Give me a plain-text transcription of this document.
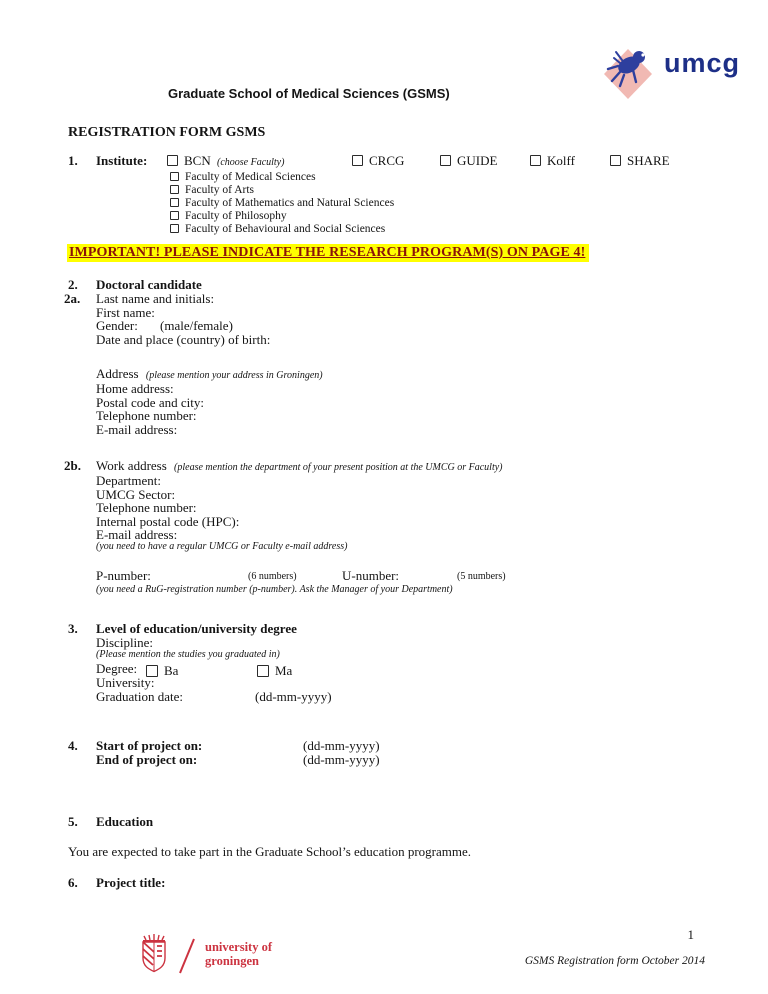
umcg
Graduate School of Medical Sciences (GSMS)
REGISTRATION FORM GSMS
1. Institute:	BCN (choose Faculty)	CRCG	GUIDE	Kolff	SHARE
Faculty of Medical Sciences
Faculty of Arts
Faculty of Mathematics and Natural Sciences
Faculty of Philosophy
Faculty of Behavioural and Social Sciences
IMPORTANT! PLEASE INDICATE THE RESEARCH PROGRAM(S) ON PAGE 4!
2. Doctoral candidate
2a. Last name and initials:
First name:
Gender: (male/female)
Date and place (country) of birth:
Address (please mention your address in Groningen)
Home address:
Postal code and city:
Telephone number:
E-mail address:
2b. Work address (please mention the department of your present position at the UMCG or Faculty)
Department:
UMCG Sector:
Telephone number:
Internal postal code (HPC):
E-mail address:
(you need to have a regular UMCG or Faculty e-mail address)
P-number:	(6 numbers)	U-number:	(5 numbers)
(you need a RuG-registration number (p-number). Ask the Manager of your Department)
3. Level of education/university degree
Discipline:
(Please mention the studies you graduated in)
Degree:	Ba	Ma
University:
Graduation date:	(dd-mm-yyyy)
4. Start of project on:	(dd-mm-yyyy)
End of project on:	(dd-mm-yyyy)
5. Education
You are expected to take part in the Graduate School’s education programme.
6. Project title:
university of
groningen
1
GSMS Registration form October 2014
